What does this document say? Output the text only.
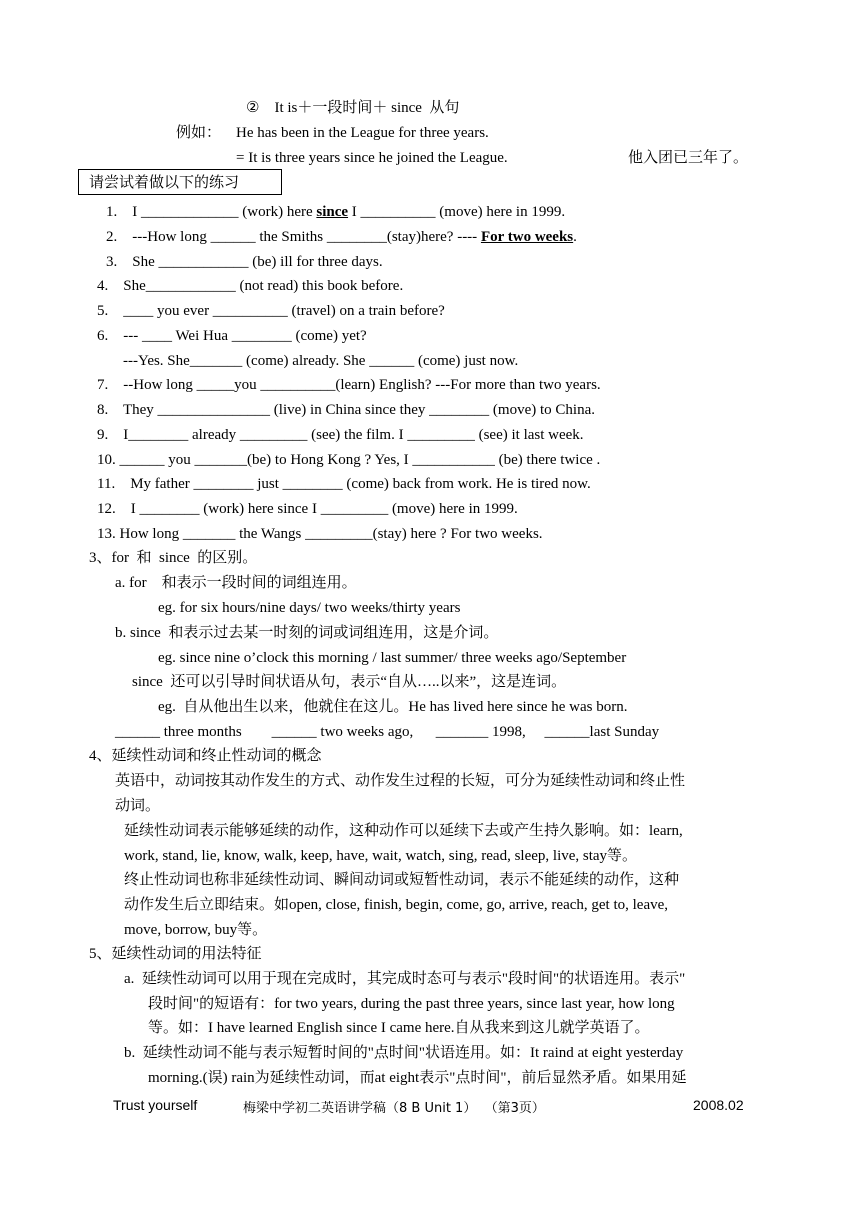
②　It is＋一段时间＋ since  从句
例如： He has been in the League for three years.
= It is three years since he joined the League.	他入团已三年了。
请尝试着做以下的练习
1.    I _____________ (work) here since I __________ (move) here in 1999.
2.    ---How long ______ the Smiths ________(stay)here? ---- For two weeks.
3.    She ____________ (be) ill for three days.
4.    She____________ (not read) this book before.
5.    ____ you ever __________ (travel) on a train before?
6.    --- ____ Wei Hua ________ (come) yet?
---Yes. She_______ (come) already. She ______ (come) just now.
7.    --How long _____you __________(learn) English? ---For more than two years.
8.    They _______________ (live) in China since they ________ (move) to China.
9.    I________ already _________ (see) the film. I _________ (see) it last week.
10. ______ you _______(be) to Hong Kong ? Yes, I ___________ (be) there twice .
11.    My father ________ just ________ (come) back from work. He is tired now.
12.    I ________ (work) here since I _________ (move) here in 1999.
13. How long _______ the Wangs _________(stay) here ? For two weeks.
3、for  和  since  的区别。
a. for    和表示一段时间的词组连用。
eg. for six hours/nine days/ two weeks/thirty years
b. since  和表示过去某一时刻的词或词组连用，这是介词。
eg. since nine o’clock this morning / last summer/ three weeks ago/September
since  还可以引导时间状语从句，表示“自从…..以来”，这是连词。
eg.  自从他出生以来，他就住在这儿。He has lived here since he was born.
______ three months        ______ two weeks ago,      _______ 1998,     ______last Sunday
4、延续性动词和终止性动词的概念
英语中，动词按其动作发生的方式、动作发生过程的长短，可分为延续性动词和终止性
动词。
延续性动词表示能够延续的动作，这种动作可以延续下去或产生持久影响。如：learn,
work, stand, lie, know, walk, keep, have, wait, watch, sing, read, sleep, live, stay等。
终止性动词也称非延续性动词、瞬间动词或短暂性动词，表示不能延续的动作，这种
动作发生后立即结束。如open, close, finish, begin, come, go, arrive, reach, get to, leave,
move, borrow, buy等。
5、延续性动词的用法特征
a.  延续性动词可以用于现在完成时，其完成时态可与表示"段时间"的状语连用。表示"
段时间"的短语有：for two years, during the past three years, since last year, how long
等。如：I have learned English since I came here.自从我来到这儿就学英语了。
b.  延续性动词不能与表示短暂时间的"点时间"状语连用。如：It raind at eight yesterday
morning.(误) rain为延续性动词，而at eight表示"点时间"，前后显然矛盾。如果用延
Trust yourself	梅梁中学初二英语讲学稿（8 B Unit 1）  （第3页）	2008.02
